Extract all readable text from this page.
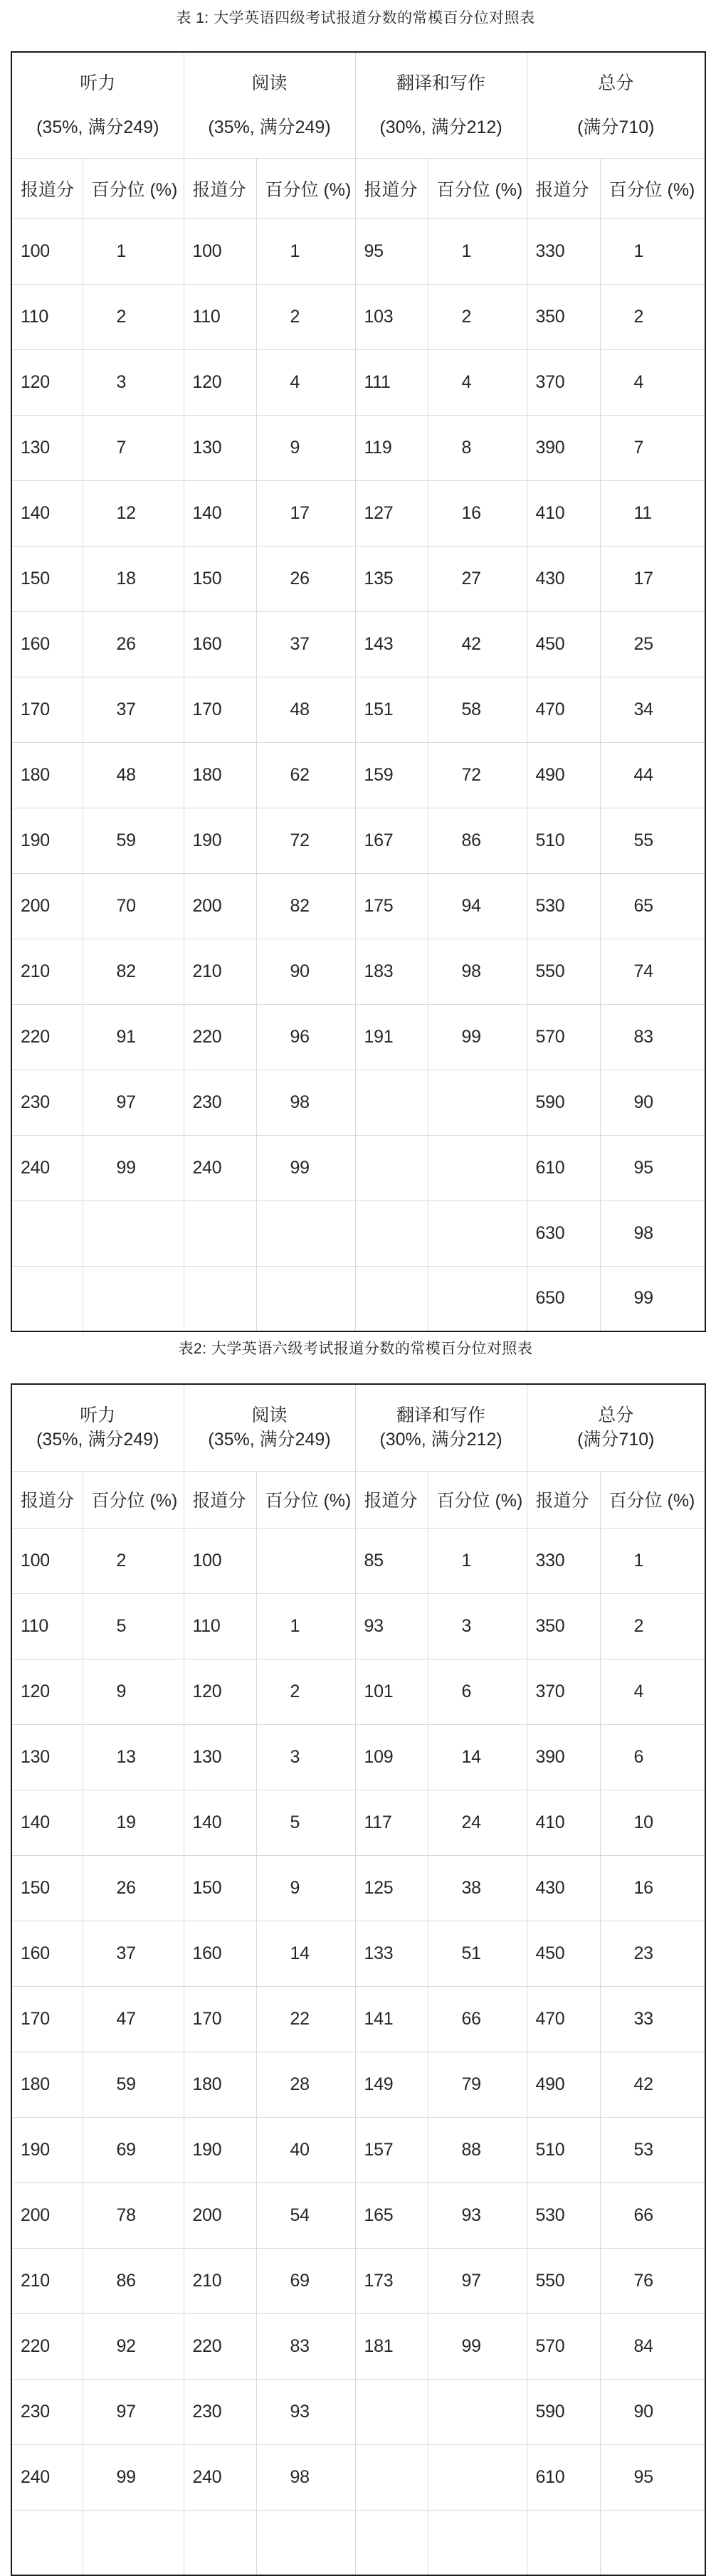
表 1: 大学英语四级考试报道分数的常模百分位对照表
听力
(35%, 满分249)

阅读
(35%, 满分249)

翻译和写作
(30%, 满分212)

总分
(满分710)

报道分	百分位 (%)	报道分	百分位 (%)	报道分	百分位 (%)	报道分	百分位 (%)
100	1	100	1	95	1	330	1
110	2	110	2	103	2	350	2
120	3	120	4	111	4	370	4
130	7	130	9	119	8	390	7
140	12	140	17	127	16	410	11
150	18	150	26	135	27	430	17
160	26	160	37	143	42	450	25
170	37	170	48	151	58	470	34
180	48	180	62	159	72	490	44
190	59	190	72	167	86	510	55
200	70	200	82	175	94	530	65
210	82	210	90	183	98	550	74
220	91	220	96	191	99	570	83
230	97	230	98			590	90
240	99	240	99			610	95
						630	98
						650	99
表2: 大学英语六级考试报道分数的常模百分位对照表
听力
(35%, 满分249)

阅读
(35%, 满分249)

翻译和写作
(30%, 满分212)

总分
(满分710)

报道分	百分位 (%)	报道分	百分位 (%)	报道分	百分位 (%)	报道分	百分位 (%)
100	2	100		85	1	330	1
110	5	110	1	93	3	350	2
120	9	120	2	101	6	370	4
130	13	130	3	109	14	390	6
140	19	140	5	117	24	410	10
150	26	150	9	125	38	430	16
160	37	160	14	133	51	450	23
170	47	170	22	141	66	470	33
180	59	180	28	149	79	490	42
190	69	190	40	157	88	510	53
200	78	200	54	165	93	530	66
210	86	210	69	173	97	550	76
220	92	220	83	181	99	570	84
230	97	230	93			590	90
240	99	240	98			610	95
